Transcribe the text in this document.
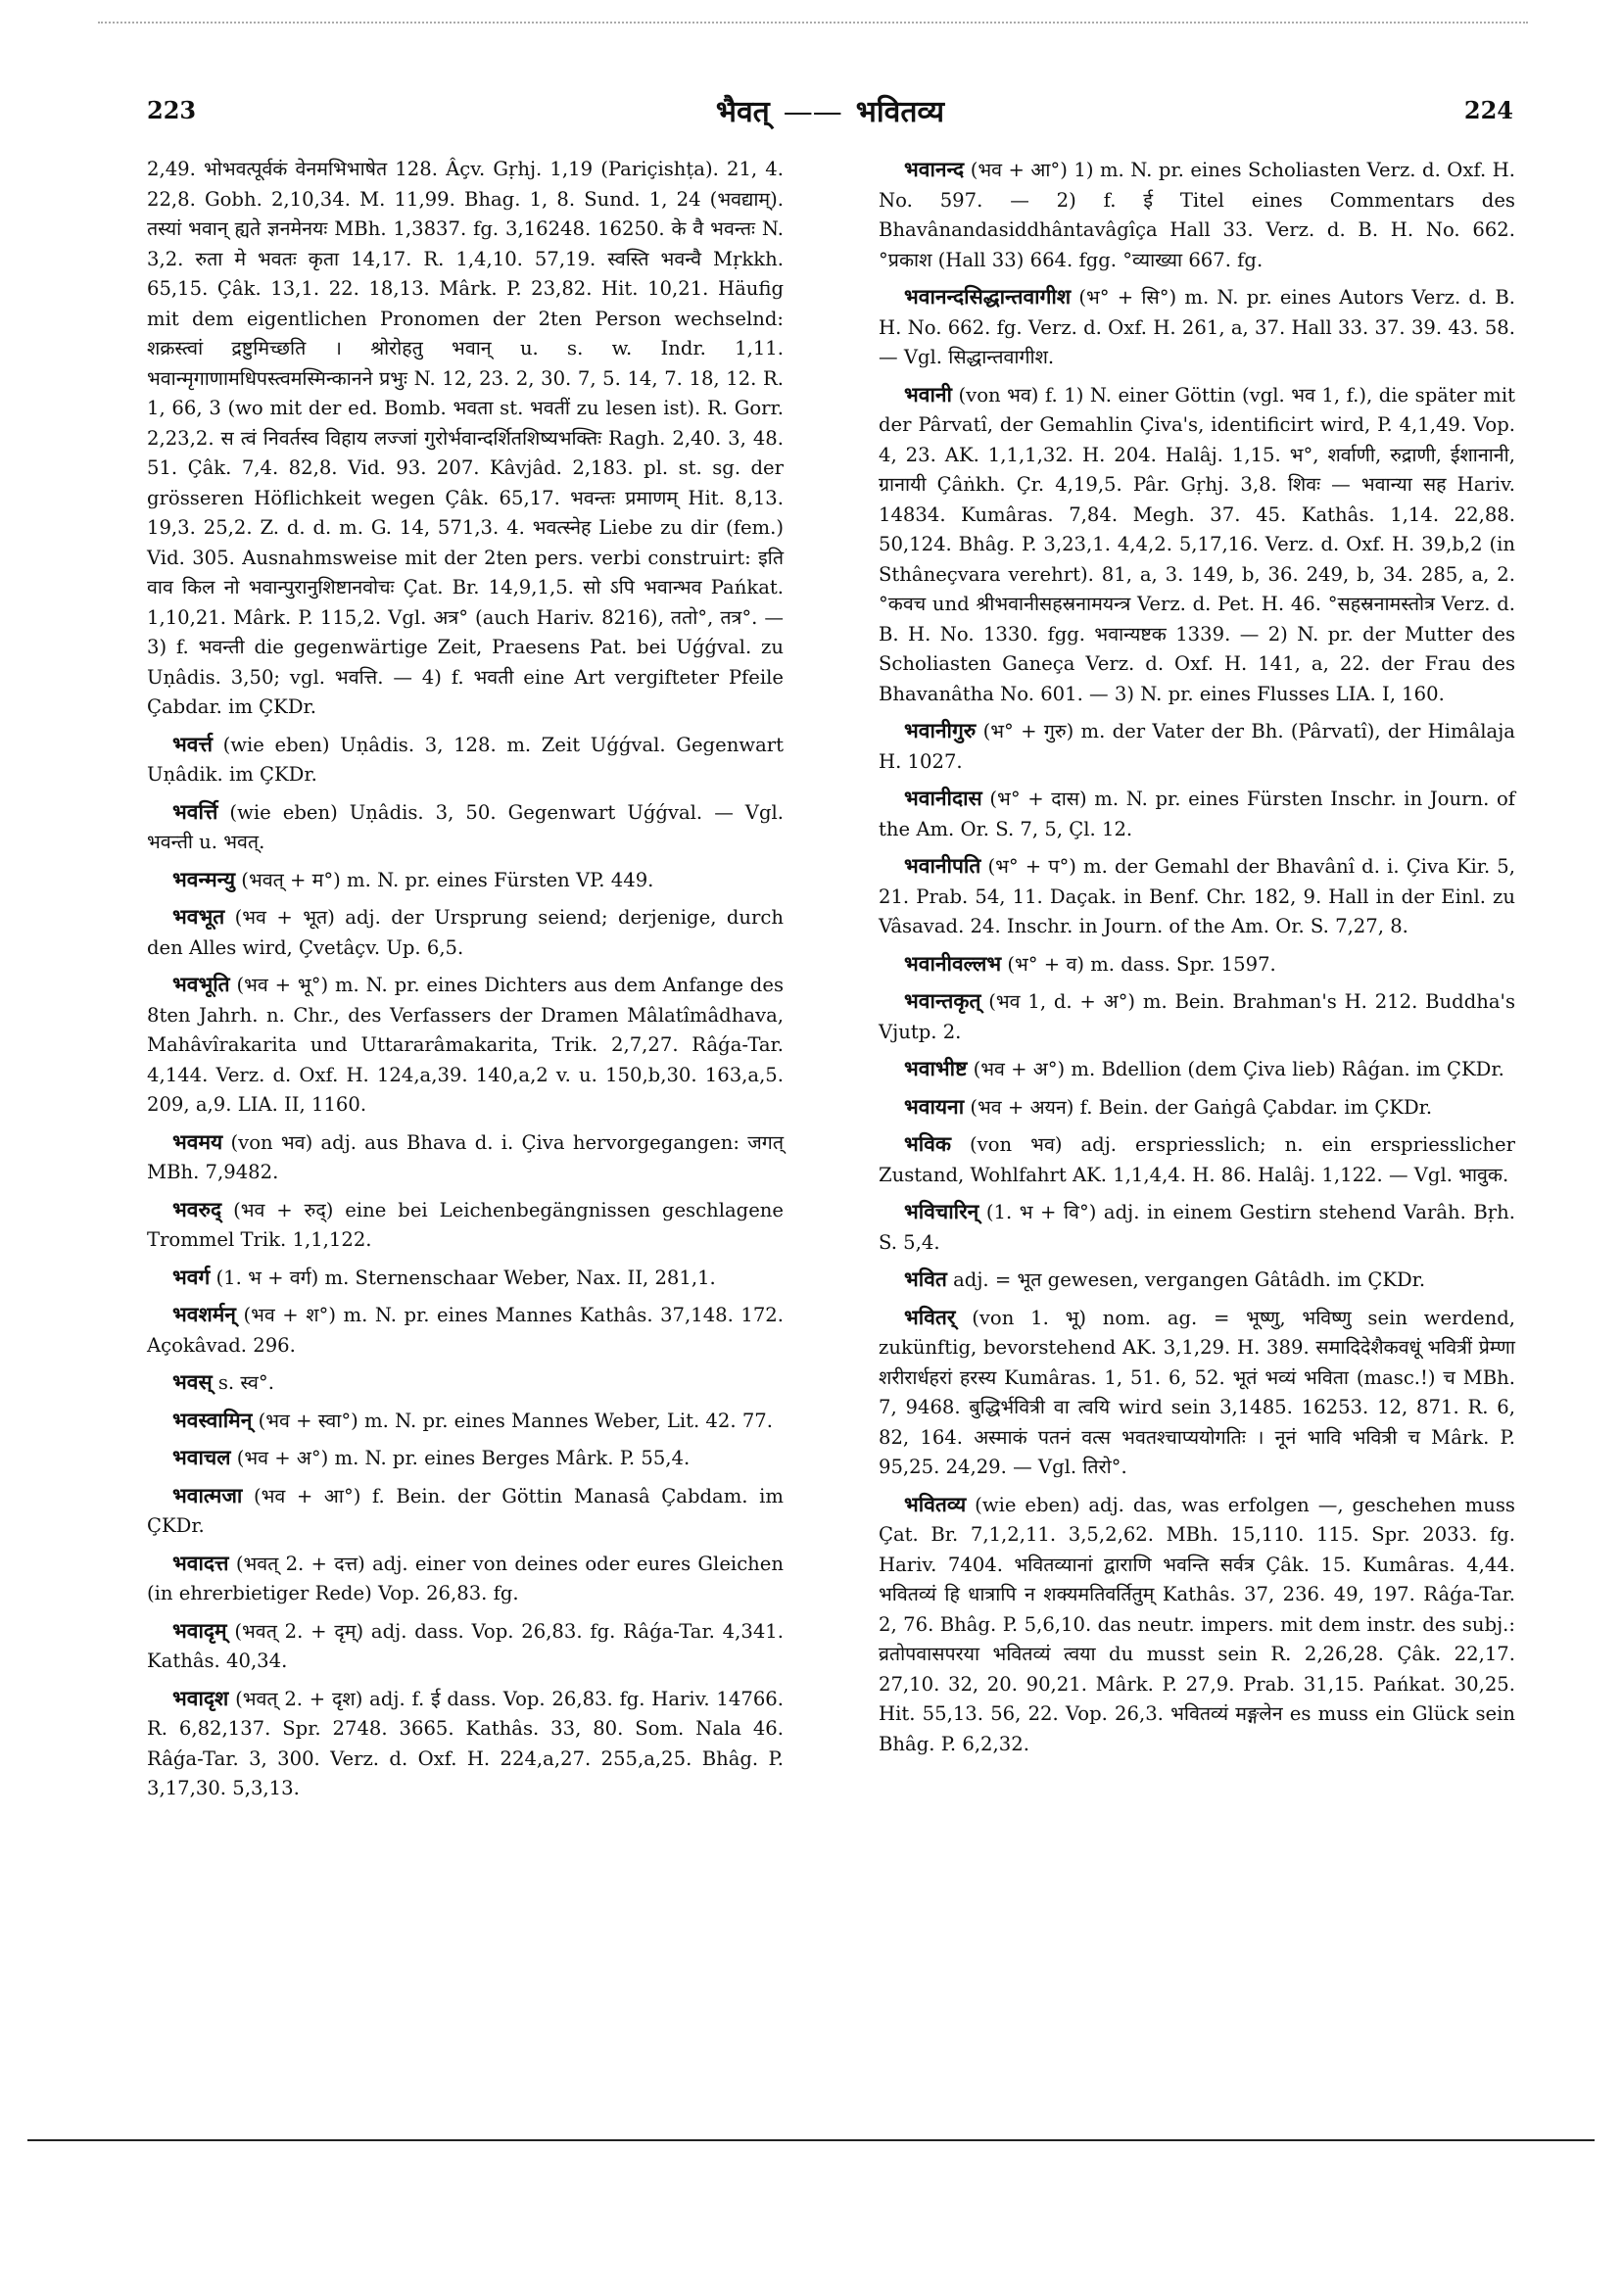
223	भैवत् —— भवितव्य	224

2,49. भोभवत्पूर्वकं वेनमभिभाषेत 128. Âçv. Gṛhj. 1,19 (Pariçishṭa). 21, 4. 22,8. Gobh. 2,10,34. M. 11,99. Bhag. 1, 8. Sund. 1, 24 (भवद्याम्). तस्यां भवान् ह्यते ज्ञनमेनयः MBh. 1,3837. fg. 3,16248. 16250. के वै भवन्तः N. 3,2. रुता मे भवतः कृता 14,17. R. 1,4,10. 57,19. स्वस्ति भवन्वै Mṛkkh. 65,15. Çâk. 13,1. 22. 18,13. Mârk. P. 23,82. Hit. 10,21. Häufig mit dem eigentlichen Pronomen der 2ten Person wechselnd: शक्रस्त्वां द्रष्टुमिच्छति । श्रोरोहतु भवान् u. s. w. Indr. 1,11. भवान्मृगाणामधिपस्त्वमस्मिन्कानने प्रभुः N. 12, 23. 2, 30. 7, 5. 14, 7. 18, 12. R. 1, 66, 3 (wo mit der ed. Bomb. भवता st. भवतीं zu lesen ist). R. Gorr. 2,23,2. स त्वं निवर्तस्व विहाय लज्जां गुरोर्भवान्दर्शितशिष्यभक्तिः Ragh. 2,40. 3, 48. 51. Çâk. 7,4. 82,8. Vid. 93. 207. Kâvjâd. 2,183. pl. st. sg. der grösseren Höflichkeit wegen Çâk. 65,17. भवन्तः प्रमाणम् Hit. 8,13. 19,3. 25,2. Z. d. d. m. G. 14, 571,3. 4. भवत्स्नेह Liebe zu dir (fem.) Vid. 305. Ausnahmsweise mit der 2ten pers. verbi construirt: इति वाव किल नो भवान्पुरानुशिष्टानवोचः Çat. Br. 14,9,1,5. सो ऽपि भवान्भव Pańkat. 1,10,21. Mârk. P. 115,2. Vgl. अत्र° (auch Hariv. 8216), ततो°, तत्र°. — 3) f. भवन्ती die gegenwärtige Zeit, Praesens Pat. bei Uǵǵval. zu Uṇâdis. 3,50; vgl. भवत्ति. — 4) f. भवती eine Art vergifteter Pfeile Çabdar. im ÇKDr.

भवर्त्त (wie eben) Uṇâdis. 3, 128. m. Zeit Uǵǵval. Gegenwart Uṇâdik. im ÇKDr.

भवर्त्ति (wie eben) Uṇâdis. 3, 50. Gegenwart Uǵǵval. — Vgl. भवन्ती u. भवत्.

भवन्मन्यु (भवत् + म°) m. N. pr. eines Fürsten VP. 449.

भवभूत (भव + भूत) adj. der Ursprung seiend; derjenige, durch den Alles wird, Çvetâçv. Up. 6,5.

भवभूति (भव + भू°) m. N. pr. eines Dichters aus dem Anfange des 8ten Jahrh. n. Chr., des Verfassers der Dramen Mâlatîmâdhava, Mahâvîrakarita und Uttararâmakarita, Trik. 2,7,27. Râǵa-Tar. 4,144. Verz. d. Oxf. H. 124,a,39. 140,a,2 v. u. 150,b,30. 163,a,5. 209, a,9. LIA. II, 1160.

भवमय (von भव) adj. aus Bhava d. i. Çiva hervorgegangen: जगत् MBh. 7,9482.

भवरुद् (भव + रुद्) eine bei Leichenbegängnissen geschlagene Trommel Trik. 1,1,122.

भवर्ग (1. भ + वर्ग) m. Sternenschaar Weber, Nax. II, 281,1.

भवशर्मन् (भव + श°) m. N. pr. eines Mannes Kathâs. 37,148. 172. Açokâvad. 296.

भवस् s. स्व°.

भवस्वामिन् (भव + स्वा°) m. N. pr. eines Mannes Weber, Lit. 42. 77.

भवाचल (भव + अ°) m. N. pr. eines Berges Mârk. P. 55,4.

भवात्मजा (भव + आ°) f. Bein. der Göttin Manasâ Çabdam. im ÇKDr.

भवादत्त (भवत् 2. + दत्त) adj. einer von deines oder eures Gleichen (in ehrerbietiger Rede) Vop. 26,83. fg.

भवादृम् (भवत् 2. + दृम्) adj. dass. Vop. 26,83. fg. Râǵa-Tar. 4,341. Kathâs. 40,34.

भवादृश (भवत् 2. + दृश) adj. f. ई dass. Vop. 26,83. fg. Hariv. 14766. R. 6,82,137. Spr. 2748. 3665. Kathâs. 33, 80. Som. Nala 46. Râǵa-Tar. 3, 300. Verz. d. Oxf. H. 224,a,27. 255,a,25. Bhâg. P. 3,17,30. 5,3,13.

भवानन्द (भव + आ°) 1) m. N. pr. eines Scholiasten Verz. d. Oxf. H. No. 597. — 2) f. ई Titel eines Commentars des Bhavânandasiddhântavâgîça Hall 33. Verz. d. B. H. No. 662. °प्रकाश (Hall 33) 664. fgg. °व्याख्या 667. fg.

भवानन्दसिद्धान्तवागीश (भ° + सि°) m. N. pr. eines Autors Verz. d. B. H. No. 662. fg. Verz. d. Oxf. H. 261, a, 37. Hall 33. 37. 39. 43. 58. — Vgl. सिद्धान्तवागीश.

भवानी (von भव) f. 1) N. einer Göttin (vgl. भव 1, f.), die später mit der Pârvatî, der Gemahlin Çiva's, identificirt wird, P. 4,1,49. Vop. 4, 23. AK. 1,1,1,32. H. 204. Halâj. 1,15. भ°, शर्वाणी, रुद्राणी, ईशानानी, ग्रानायी Çâṅkh. Çr. 4,19,5. Pâr. Gṛhj. 3,8. शिवः — भवान्या सह Hariv. 14834. Kumâras. 7,84. Megh. 37. 45. Kathâs. 1,14. 22,88. 50,124. Bhâg. P. 3,23,1. 4,4,2. 5,17,16. Verz. d. Oxf. H. 39,b,2 (in Sthâneçvara verehrt). 81, a, 3. 149, b, 36. 249, b, 34. 285, a, 2. °कवच und श्रीभवानीसहस्रनामयन्त्र Verz. d. Pet. H. 46. °सहस्रनामस्तोत्र Verz. d. B. H. No. 1330. fgg. भवान्यष्टक 1339. — 2) N. pr. der Mutter des Scholiasten Ganeça Verz. d. Oxf. H. 141, a, 22. der Frau des Bhavanâtha No. 601. — 3) N. pr. eines Flusses LIA. I, 160.

भवानीगुरु (भ° + गुरु) m. der Vater der Bh. (Pârvatî), der Himâlaja H. 1027.

भवानीदास (भ° + दास) m. N. pr. eines Fürsten Inschr. in Journ. of the Am. Or. S. 7, 5, Çl. 12.

भवानीपति (भ° + प°) m. der Gemahl der Bhavânî d. i. Çiva Kir. 5, 21. Prab. 54, 11. Daçak. in Benf. Chr. 182, 9. Hall in der Einl. zu Vâsavad. 24. Inschr. in Journ. of the Am. Or. S. 7,27, 8.

भवानीवल्लभ (भ° + व) m. dass. Spr. 1597.

भवान्तकृत् (भव 1, d. + अ°) m. Bein. Brahman's H. 212. Buddha's Vjutp. 2.

भवाभीष्ट (भव + अ°) m. Bdellion (dem Çiva lieb) Râǵan. im ÇKDr.

भवायना (भव + अयन) f. Bein. der Gaṅgâ Çabdar. im ÇKDr.

भविक (von भव) adj. erspriesslich; n. ein erspriesslicher Zustand, Wohlfahrt AK. 1,1,4,4. H. 86. Halâj. 1,122. — Vgl. भावुक.

भविचारिन् (1. भ + वि°) adj. in einem Gestirn stehend Varâh. Bṛh. S. 5,4.

भवित adj. = भूत gewesen, vergangen Gâtâdh. im ÇKDr.

भवितर् (von 1. भू) nom. ag. = भूष्णु, भविष्णु sein werdend, zukünftig, bevorstehend AK. 3,1,29. H. 389. समादिदेशैकवधूं भवित्रीं प्रेम्णा शरीरार्धहरां हरस्य Kumâras. 1, 51. 6, 52. भूतं भव्यं भविता (masc.!) च MBh. 7, 9468. बुद्धिर्भवित्री वा त्वयि wird sein 3,1485. 16253. 12, 871. R. 6, 82, 164. अस्माकं पतनं वत्स भवतश्चाप्ययोगतिः । नूनं भावि भवित्री च Mârk. P. 95,25. 24,29. — Vgl. तिरो°.

भवितव्य (wie eben) adj. das, was erfolgen —, geschehen muss Çat. Br. 7,1,2,11. 3,5,2,62. MBh. 15,110. 115. Spr. 2033. fg. Hariv. 7404. भवितव्यानां द्वाराणि भवन्ति सर्वत्र Çâk. 15. Kumâras. 4,44. भवितव्यं हि धात्रापि न शक्यमतिवर्तितुम् Kathâs. 37, 236. 49, 197. Râǵa-Tar. 2, 76. Bhâg. P. 5,6,10. das neutr. impers. mit dem instr. des subj.: व्रतोपवासपरया भवितव्यं त्वया du musst sein R. 2,26,28. Çâk. 22,17. 27,10. 32, 20. 90,21. Mârk. P. 27,9. Prab. 31,15. Pańkat. 30,25. Hit. 55,13. 56, 22. Vop. 26,3. भवितव्यं मङ्गलेन es muss ein Glück sein Bhâg. P. 6,2,32.
